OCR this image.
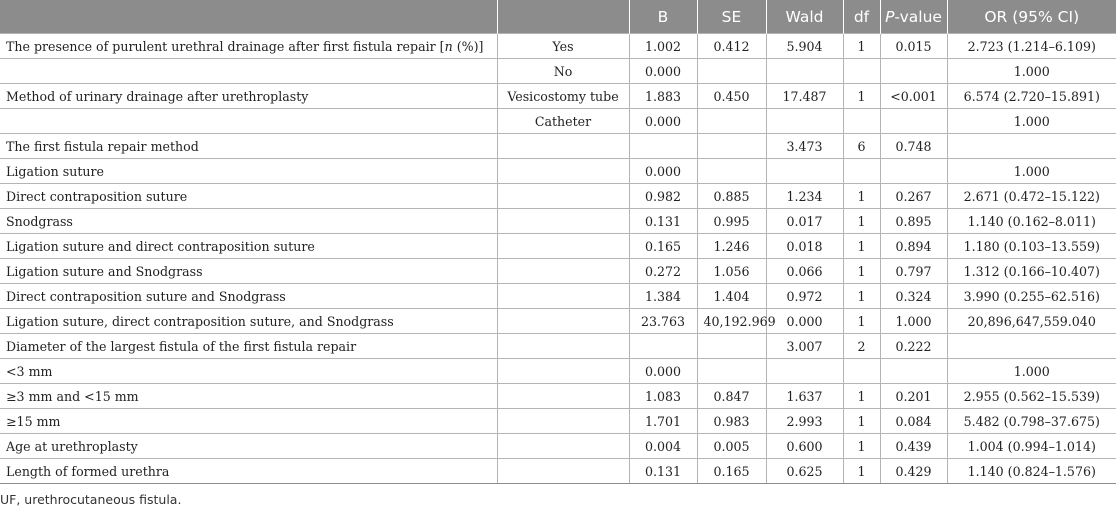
		B	SE	Wald	df	P-value	OR (95% CI)
The presence of purulent urethral drainage after first fistula repair [n (%)]	Yes	1.002	0.412	5.904	1	0.015	2.723 (1.214–6.109)
	No	0.000					1.000
Method of urinary drainage after urethroplasty	Vesicostomy tube	1.883	0.450	17.487	1	<0.001	6.574 (2.720–15.891)
	Catheter	0.000					1.000
The first fistula repair method				3.473	6	0.748	
Ligation suture		0.000					1.000
Direct contraposition suture		0.982	0.885	1.234	1	0.267	2.671 (0.472–15.122)
Snodgrass		0.131	0.995	0.017	1	0.895	1.140 (0.162–8.011)
Ligation suture and direct contraposition suture		0.165	1.246	0.018	1	0.894	1.180 (0.103–13.559)
Ligation suture and Snodgrass		0.272	1.056	0.066	1	0.797	1.312 (0.166–10.407)
Direct contraposition suture and Snodgrass		1.384	1.404	0.972	1	0.324	3.990 (0.255–62.516)
Ligation suture, direct contraposition suture, and Snodgrass		23.763	40,192.969	0.000	1	1.000	20,896,647,559.040
Diameter of the largest fistula of the first fistula repair				3.007	2	0.222	
<3 mm		0.000					1.000
≥3 mm and <15 mm		1.083	0.847	1.637	1	0.201	2.955 (0.562–15.539)
≥15 mm		1.701	0.983	2.993	1	0.084	5.482 (0.798–37.675)
Age at urethroplasty		0.004	0.005	0.600	1	0.439	1.004 (0.994–1.014)
Length of formed urethra		0.131	0.165	0.625	1	0.429	1.140 (0.824–1.576)
UF, urethrocutaneous fistula.
